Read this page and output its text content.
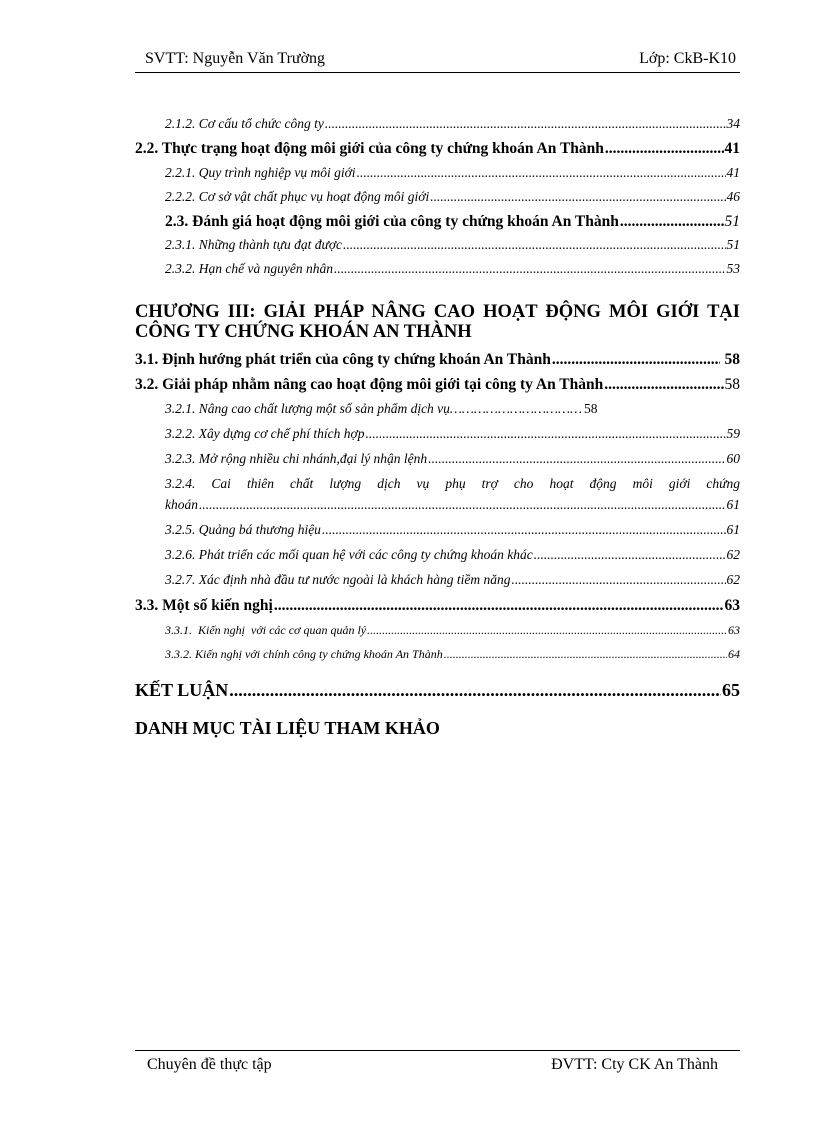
SVTT: Nguyễn Văn Trường	Lớp: CkB-K10
2.1.2. Cơ cấu tổ chức công ty .....	34
2.2. Thực trạng hoạt động môi giới của công ty chứng khoán An Thành .....	41
2.2.1. Quy trình nghiệp vụ môi giới .....	41
2.2.2. Cơ sở vật chất phục vụ hoạt động môi giới .....	46
2.3. Đánh giá hoạt động môi giới của công ty chứng khoán An Thành .....	51
2.3.1. Những thành tựu đạt được .....	51
2.3.2. Hạn chế và nguyên nhân .....	53
CHƯƠNG III: GIẢI PHÁP NÂNG CAO HOẠT ĐỘNG MÔI GIỚI TẠI
CÔNG TY CHỨNG KHOÁN AN THÀNH
3.1. Định hướng phát triển của công ty chứng khoán An Thành .....	58
3.2. Giải pháp nhằm nâng cao hoạt động môi giới tại công ty An Thành .....	58
3.2.1. Nâng cao chất lượng một số sản phẩm dịch vụ…………………………… 58
3.2.2. Xây dựng cơ chế phí thích hợp .....	59
3.2.3. Mở rộng nhiều chi nhánh,đại lý nhận lệnh .....	60
3.2.4. Cai thiên chất lượng dịch vụ phụ trợ cho hoạt động môi giới chứng
khoán .....	61
3.2.5. Quảng bá thương hiệu .....	61
3.2.6. Phát triển các mối quan hệ với các công ty chứng khoán khác .....	62
3.2.7. Xác định nhà đầu tư nước ngoài là khách hàng tiềm năng .....	62
3.3. Một số kiến nghị .....	63
3.3.1.  Kiến nghị  với các cơ quan quản lý .....	63
3.3.2. Kiến nghị với chính công ty chứng khoán An Thành .....	64
KẾT LUẬN .....	65
DANH MỤC TÀI LIỆU THAM KHẢO
Chuyên đề thực tập	ĐVTT: Cty CK An Thành
